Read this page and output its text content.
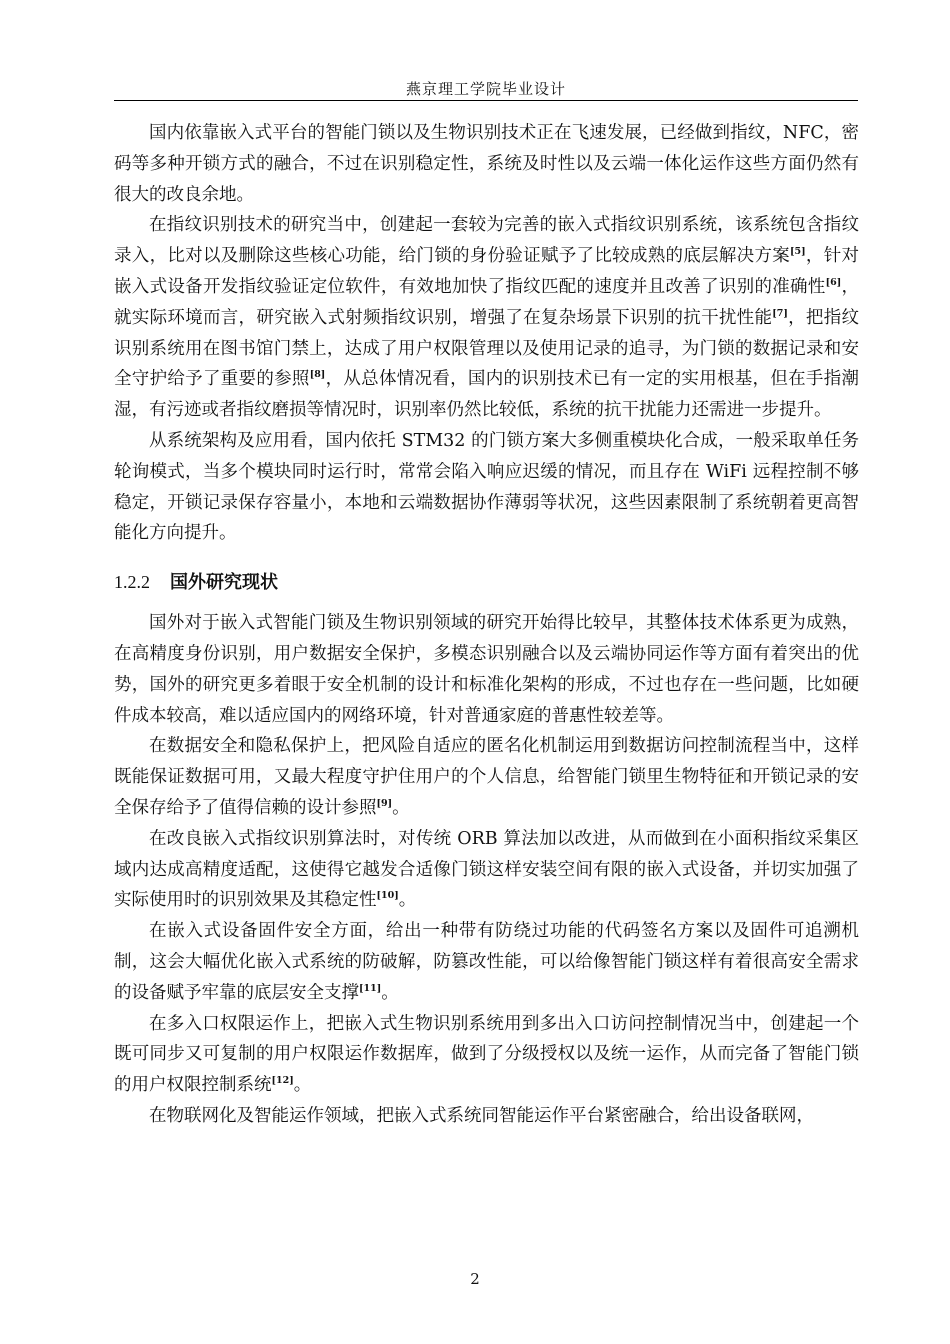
燕京理工学院毕业设计

国内依靠嵌入式平台的智能门锁以及生物识别技术正在飞速发展，已经做到指纹，NFC，密码等多种开锁方式的融合，不过在识别稳定性，系统及时性以及云端一体化运作这些方面仍然有很大的改良余地。

在指纹识别技术的研究当中，创建起一套较为完善的嵌入式指纹识别系统，该系统包含指纹录入，比对以及删除这些核心功能，给门锁的身份验证赋予了比较成熟的底层解决方案[5]，针对嵌入式设备开发指纹验证定位软件，有效地加快了指纹匹配的速度并且改善了识别的准确性[6]，就实际环境而言，研究嵌入式射频指纹识别，增强了在复杂场景下识别的抗干扰性能[7]，把指纹识别系统用在图书馆门禁上，达成了用户权限管理以及使用记录的追寻，为门锁的数据记录和安全守护给予了重要的参照[8]，从总体情况看，国内的识别技术已有一定的实用根基，但在手指潮湿，有污迹或者指纹磨损等情况时，识别率仍然比较低，系统的抗干扰能力还需进一步提升。

从系统架构及应用看，国内依托 STM32 的门锁方案大多侧重模块化合成，一般采取单任务轮询模式，当多个模块同时运行时，常常会陷入响应迟缓的情况，而且存在 WiFi 远程控制不够稳定，开锁记录保存容量小，本地和云端数据协作薄弱等状况，这些因素限制了系统朝着更高智能化方向提升。

1.2.2 国外研究现状

国外对于嵌入式智能门锁及生物识别领域的研究开始得比较早，其整体技术体系更为成熟，在高精度身份识别，用户数据安全保护，多模态识别融合以及云端协同运作等方面有着突出的优势，国外的研究更多着眼于安全机制的设计和标准化架构的形成，不过也存在一些问题，比如硬件成本较高，难以适应国内的网络环境，针对普通家庭的普惠性较差等。

在数据安全和隐私保护上，把风险自适应的匿名化机制运用到数据访问控制流程当中，这样既能保证数据可用，又最大程度守护住用户的个人信息，给智能门锁里生物特征和开锁记录的安全保存给予了值得信赖的设计参照[9]。

在改良嵌入式指纹识别算法时，对传统 ORB 算法加以改进，从而做到在小面积指纹采集区域内达成高精度适配，这使得它越发合适像门锁这样安装空间有限的嵌入式设备，并切实加强了实际使用时的识别效果及其稳定性[10]。

在嵌入式设备固件安全方面，给出一种带有防绕过功能的代码签名方案以及固件可追溯机制，这会大幅优化嵌入式系统的防破解，防篡改性能，可以给像智能门锁这样有着很高安全需求的设备赋予牢靠的底层安全支撑[11]。

在多入口权限运作上，把嵌入式生物识别系统用到多出入口访问控制情况当中，创建起一个既可同步又可复制的用户权限运作数据库，做到了分级授权以及统一运作，从而完备了智能门锁的用户权限控制系统[12]。

在物联网化及智能运作领域，把嵌入式系统同智能运作平台紧密融合，给出设备联网，

2
